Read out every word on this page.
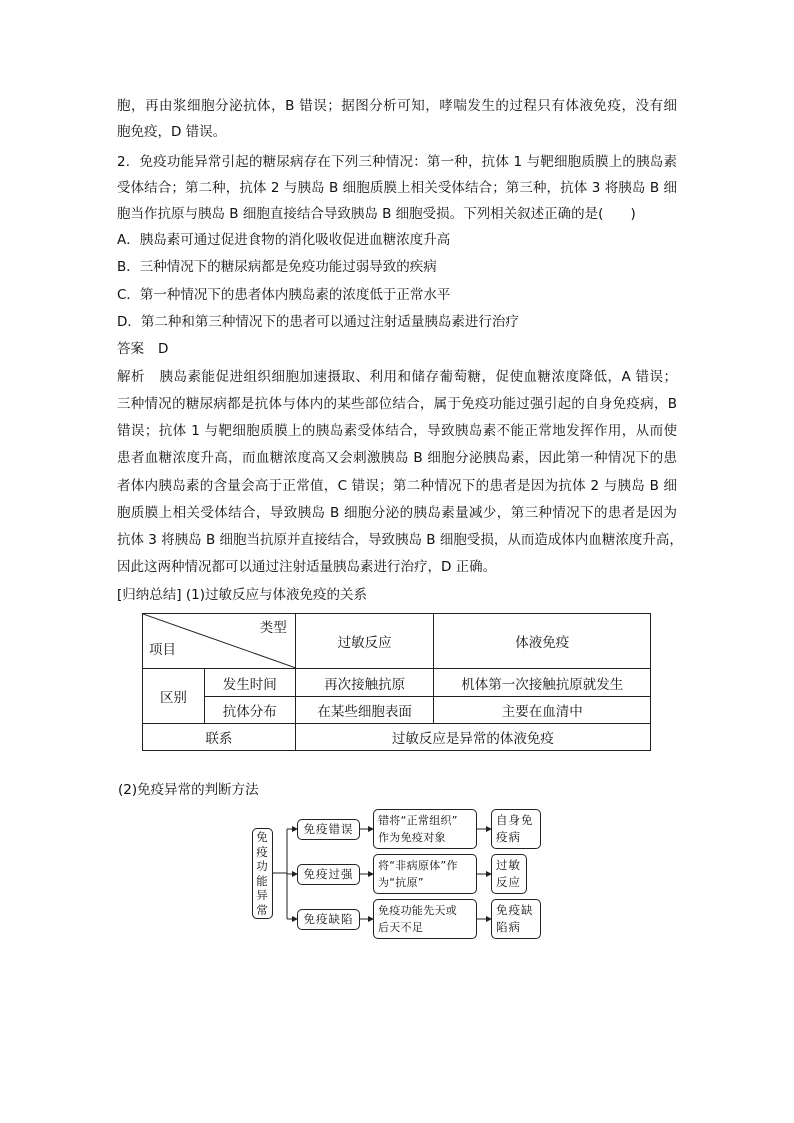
胞，再由浆细胞分泌抗体，B 错误；据图分析可知，哮喘发生的过程只有体液免疫，没有细
胞免疫，D 错误。
2．免疫功能异常引起的糖尿病存在下列三种情况：第一种，抗体 1 与靶细胞质膜上的胰岛素
受体结合；第二种，抗体 2 与胰岛 B 细胞质膜上相关受体结合；第三种，抗体 3 将胰岛 B 细
胞当作抗原与胰岛 B 细胞直接结合导致胰岛 B 细胞受损。下列相关叙述正确的是(　　)
A．胰岛素可通过促进食物的消化吸收促进血糖浓度升高
B．三种情况下的糖尿病都是免疫功能过弱导致的疾病
C．第一种情况下的患者体内胰岛素的浓度低于正常水平
D．第二种和第三种情况下的患者可以通过注射适量胰岛素进行治疗
答案 D
解析 胰岛素能促进组织细胞加速摄取、利用和储存葡萄糖，促使血糖浓度降低，A 错误；
三种情况的糖尿病都是抗体与体内的某些部位结合，属于免疫功能过强引起的自身免疫病，B
错误；抗体 1 与靶细胞质膜上的胰岛素受体结合，导致胰岛素不能正常地发挥作用，从而使
患者血糖浓度升高，而血糖浓度高又会刺激胰岛 B 细胞分泌胰岛素，因此第一种情况下的患
者体内胰岛素的含量会高于正常值，C 错误；第二种情况下的患者是因为抗体 2 与胰岛 B 细
胞质膜上相关受体结合，导致胰岛 B 细胞分泌的胰岛素量减少，第三种情况下的患者是因为
抗体 3 将胰岛 B 细胞当抗原并直接结合，导致胰岛 B 细胞受损，从而造成体内血糖浓度升高，
因此这两种情况都可以通过注射适量胰岛素进行治疗，D 正确。
[归纳总结] (1)过敏反应与体液免疫的关系
类型
项目		过敏反应	体液免疫
区别	发生时间	再次接触抗原	机体第一次接触抗原就发生
	抗体分布	在某些细胞表面	主要在血清中
联系		过敏反应是异常的体液免疫	
(2)免疫异常的判断方法
免
疫
功
能
异
常
免疫错误
免疫过强
免疫缺陷
错将“正常组织”
作为免疫对象
将“非病原体”作
为“抗原”
免疫功能先天或
后天不足
自身免
疫病
过敏
反应
免疫缺
陷病
